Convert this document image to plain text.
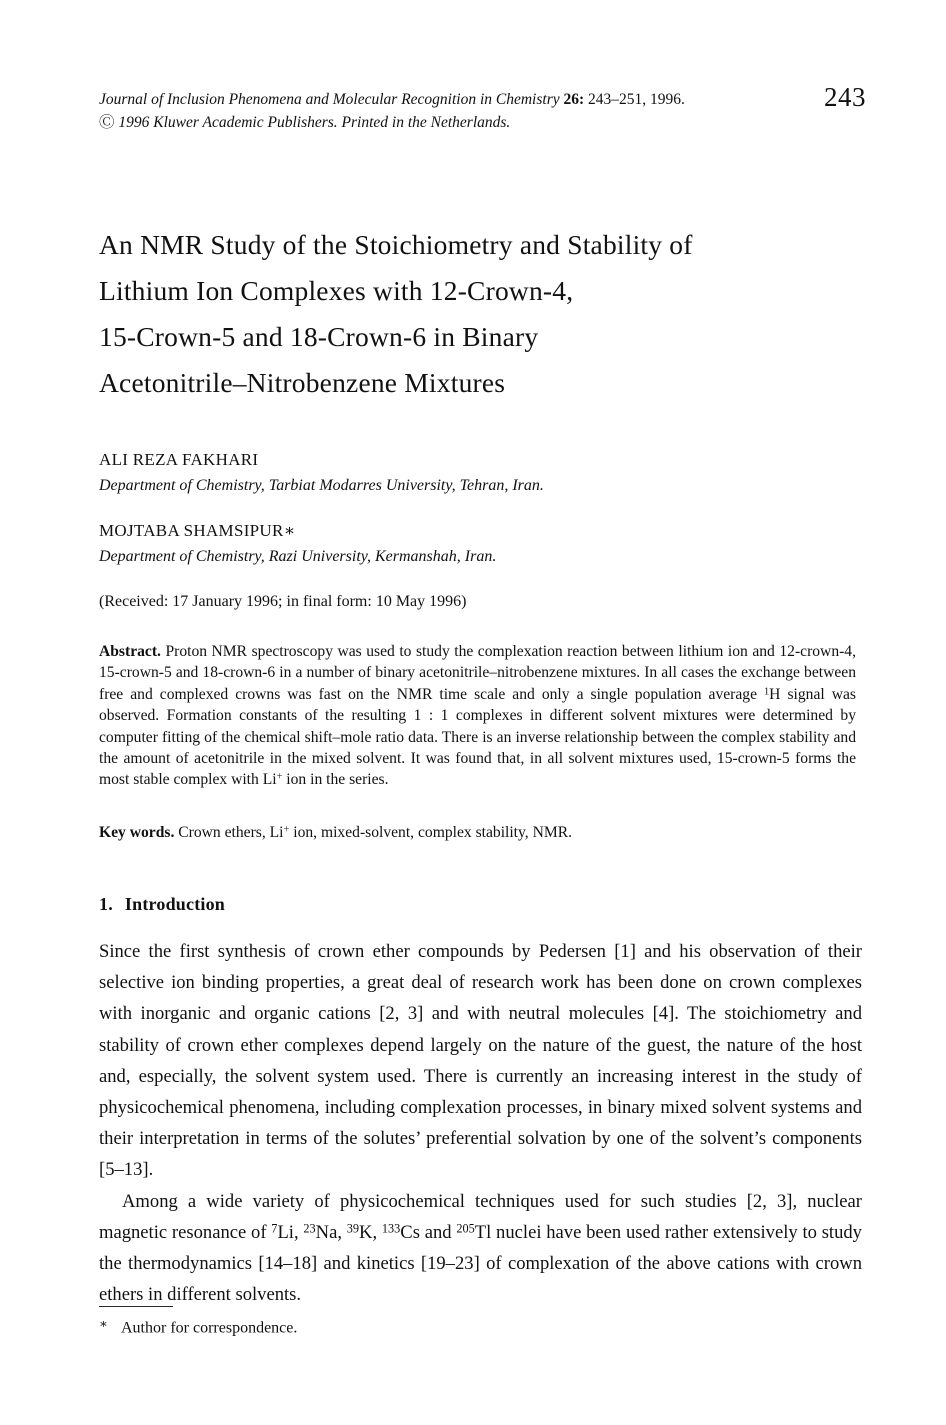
Journal of Inclusion Phenomena and Molecular Recognition in Chemistry 26: 243–251, 1996.
Ⓒ 1996 Kluwer Academic Publishers. Printed in the Netherlands.
243
An NMR Study of the Stoichiometry and Stability of
Lithium Ion Complexes with 12-Crown-4,
15-Crown-5 and 18-Crown-6 in Binary
Acetonitrile–Nitrobenzene Mixtures
ALI REZA FAKHARI
Department of Chemistry, Tarbiat Modarres University, Tehran, Iran.
MOJTABA SHAMSIPUR∗
Department of Chemistry, Razi University, Kermanshah, Iran.
(Received: 17 January 1996; in final form: 10 May 1996)
Abstract. Proton NMR spectroscopy was used to study the complexation reaction between lithium ion and 12-crown-4, 15-crown-5 and 18-crown-6 in a number of binary acetonitrile–nitrobenzene mixtures. In all cases the exchange between free and complexed crowns was fast on the NMR time scale and only a single population average $^1$H signal was observed. Formation constants of the resulting 1 : 1 complexes in different solvent mixtures were determined by computer fitting of the chemical shift–mole ratio data. There is an inverse relationship between the complex stability and the amount of acetonitrile in the mixed solvent. It was found that, in all solvent mixtures used, 15-crown-5 forms the most stable complex with Li+ ion in the series.
Key words. Crown ethers, Li+ ion, mixed-solvent, complex stability, NMR.
1. Introduction

Since the first synthesis of crown ether compounds by Pedersen [1] and his observation of their selective ion binding properties, a great deal of research work has been done on crown complexes with inorganic and organic cations [2, 3] and with neutral molecules [4]. The stoichiometry and stability of crown ether complexes depend largely on the nature of the guest, the nature of the host and, especially, the solvent system used. There is currently an increasing interest in the study of physicochemical phenomena, including complexation processes, in binary mixed solvent systems and their interpretation in terms of the solutes’ preferential solvation by one of the solvent’s components [5–13].

Among a wide variety of physicochemical techniques used for such studies [2, 3], nuclear magnetic resonance of $^7$Li, $^{23}$Na, $^{39}$K, $^{133}$Cs and $^{205}$Tl nuclei have been used rather extensively to study the thermodynamics [14–18] and kinetics [19–23] of complexation of the above cations with crown ethers in different solvents.

∗ Author for correspondence.
